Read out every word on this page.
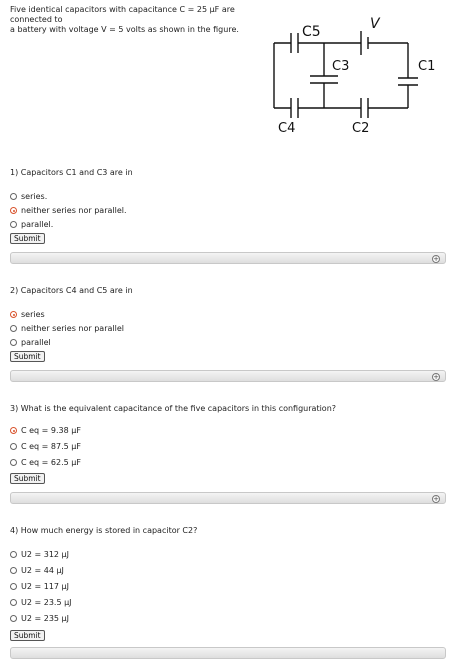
Five identical capacitors with capacitance C = 25 µF are connected to
a battery with voltage V = 5 volts as shown in the figure.	C5	V
C3	C1
C4	C2
1) Capacitors C1 and C3 are in
series.
neither series nor parallel.
parallel.
Submit
+
2) Capacitors C4 and C5 are in
series
neither series nor parallel
parallel
Submit
+
3) What is the equivalent capacitance of the five capacitors in this configuration?
C eq = 9.38 µF
C eq = 87.5 µF
C eq = 62.5 µF
Submit
+
4) How much energy is stored in capacitor C2?
U2 = 312 µJ
U2 = 44 µJ
U2 = 117 µJ
U2 = 23.5 µJ
U2 = 235 µJ
Submit
